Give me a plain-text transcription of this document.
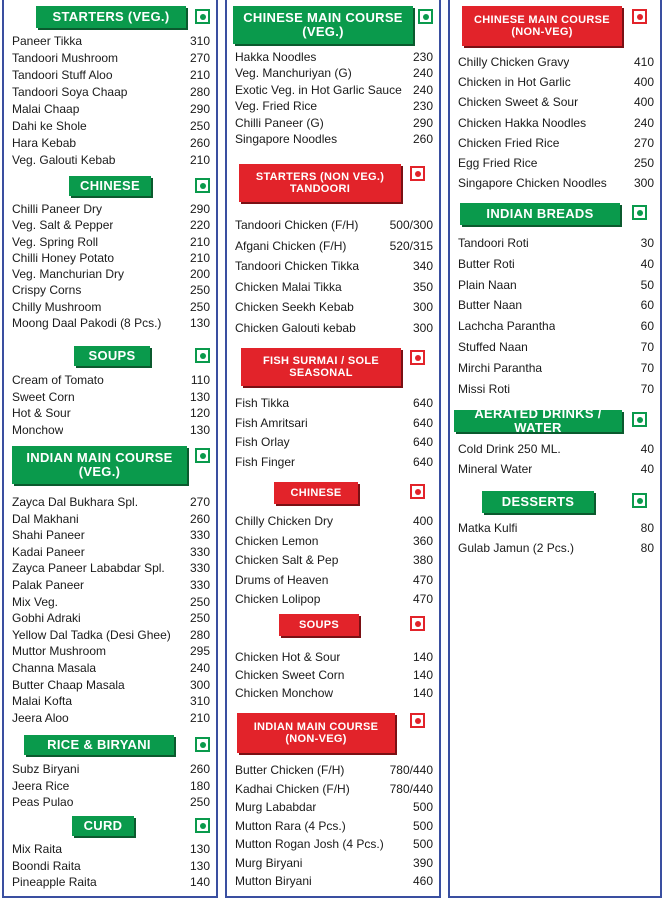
STARTERS (VEG.)
Paneer Tikka	310
Tandoori Mushroom	270
Tandoori Stuff Aloo	210
Tandoori Soya Chaap	280
Malai Chaap	290
Dahi ke Shole	250
Hara Kebab	260
Veg. Galouti Kebab	210
CHINESE
Chilli Paneer Dry	290
Veg. Salt & Pepper	220
Veg. Spring Roll	210
Chilli Honey Potato	210
Veg. Manchurian Dry	200
Crispy Corns	250
Chilly Mushroom	250
Moong Daal Pakodi (8 Pcs.)	130
SOUPS
Cream of Tomato	110
Sweet Corn	130
Hot & Sour	120
Monchow	130
INDIAN MAIN COURSE (VEG.)
Zayca Dal Bukhara Spl.	270
Dal Makhani	260
Shahi Paneer	330
Kadai Paneer	330
Zayca Paneer Lababdar Spl.	330
Palak Paneer	330
Mix Veg.	250
Gobhi Adraki	250
Yellow Dal Tadka (Desi Ghee)	280
Muttor Mushroom	295
Channa Masala	240
Butter Chaap Masala	300
Malai Kofta	310
Jeera Aloo	210
RICE & BIRYANI
Subz Biryani	260
Jeera Rice	180
Peas Pulao	250
CURD
Mix Raita	130
Boondi Raita	130
Pineapple Raita	140
CHINESE MAIN COURSE (VEG.)
Hakka Noodles	230
Veg. Manchuriyan (G)	240
Exotic Veg. in Hot Garlic Sauce 240
Veg. Fried Rice	230
Chilli Paneer (G)	290
Singapore Noodles	260
STARTERS (NON VEG.) TANDOORI
Tandoori Chicken (F/H)	500/300
Afgani Chicken (F/H)	520/315
Tandoori Chicken Tikka	340
Chicken Malai Tikka	350
Chicken Seekh Kebab	300
Chicken Galouti kebab	300
FISH SURMAI / SOLE SEASONAL
Fish Tikka	640
Fish Amritsari	640
Fish Orlay	640
Fish Finger	640
CHINESE
Chilly Chicken Dry	400
Chicken Lemon	360
Chicken Salt & Pep	380
Drums of Heaven	470
Chicken Lolipop	470
SOUPS
Chicken Hot & Sour	140
Chicken Sweet Corn	140
Chicken Monchow	140
INDIAN MAIN COURSE (NON-VEG)
Butter Chicken (F/H)	780/440
Kadhai Chicken (F/H)	780/440
Murg Lababdar	500
Mutton Rara (4 Pcs.)	500
Mutton Rogan Josh (4 Pcs.)	500
Murg Biryani	390
Mutton Biryani	460
CHINESE MAIN COURSE (NON-VEG)
Chilly Chicken Gravy	410
Chicken in Hot Garlic	400
Chicken Sweet & Sour	400
Chicken Hakka Noodles	240
Chicken Fried Rice	270
Egg Fried Rice	250
Singapore Chicken Noodles	300
INDIAN BREADS
Tandoori Roti	30
Butter Roti	40
Plain Naan	50
Butter Naan	60
Lachcha Parantha	60
Stuffed Naan	70
Mirchi Parantha	70
Missi Roti	70
AERATED DRINKS / WATER
Cold Drink 250 ML.	40
Mineral Water	40
DESSERTS
Matka Kulfi	80
Gulab Jamun (2 Pcs.)	80
